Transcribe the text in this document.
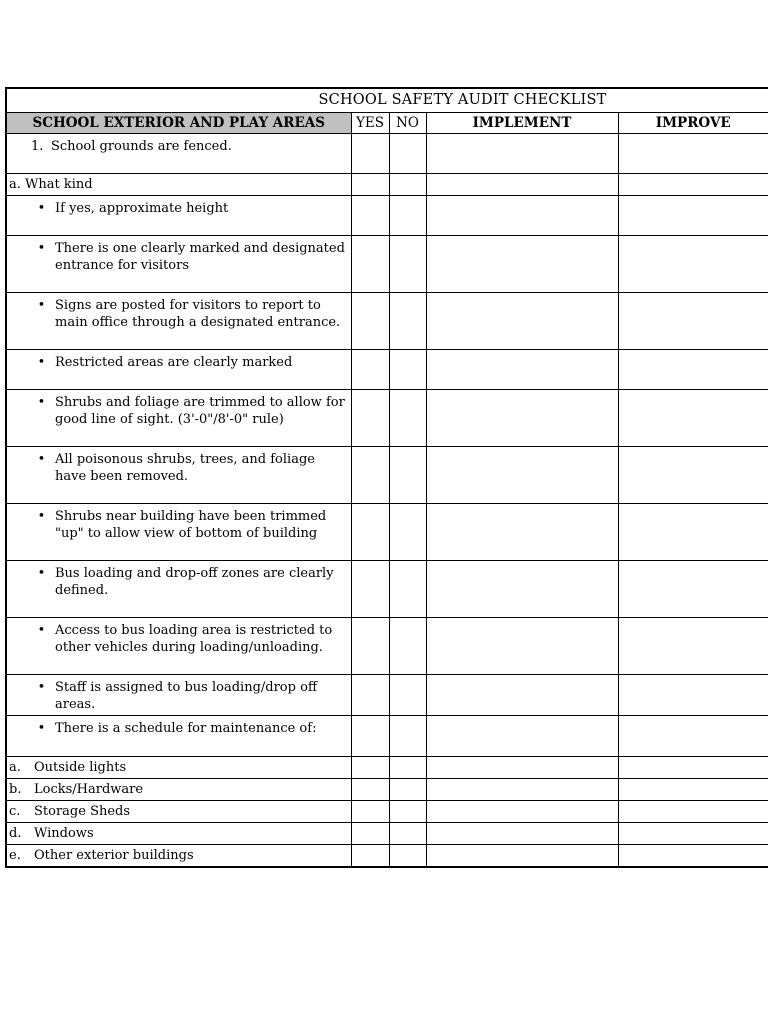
SCHOOL SAFETY AUDIT CHECKLIST				
SCHOOL EXTERIOR AND PLAY AREAS	YES	NO	IMPLEMENT	IMPROVE
1. School grounds are fenced.				
a. What kind				
• If yes, approximate height				
• There is one clearly marked and designated entrance for visitors				
• Signs are posted for visitors to report to main office through a designated entrance.				
• Restricted areas are clearly marked				
• Shrubs and foliage are trimmed to allow for good line of sight. (3'-0"/8'-0" rule)				
• All poisonous shrubs, trees, and foliage have been removed.				
• Shrubs near building have been trimmed "up" to allow view of bottom of building				
• Bus loading and drop-off zones are clearly defined.				
• Access to bus loading area is restricted to other vehicles during loading/unloading.				
• Staff is assigned to bus loading/drop off areas.				
• There is a schedule for maintenance of:				
a. Outside lights				
b. Locks/Hardware				
c. Storage Sheds				
d. Windows				
e. Other exterior buildings				
